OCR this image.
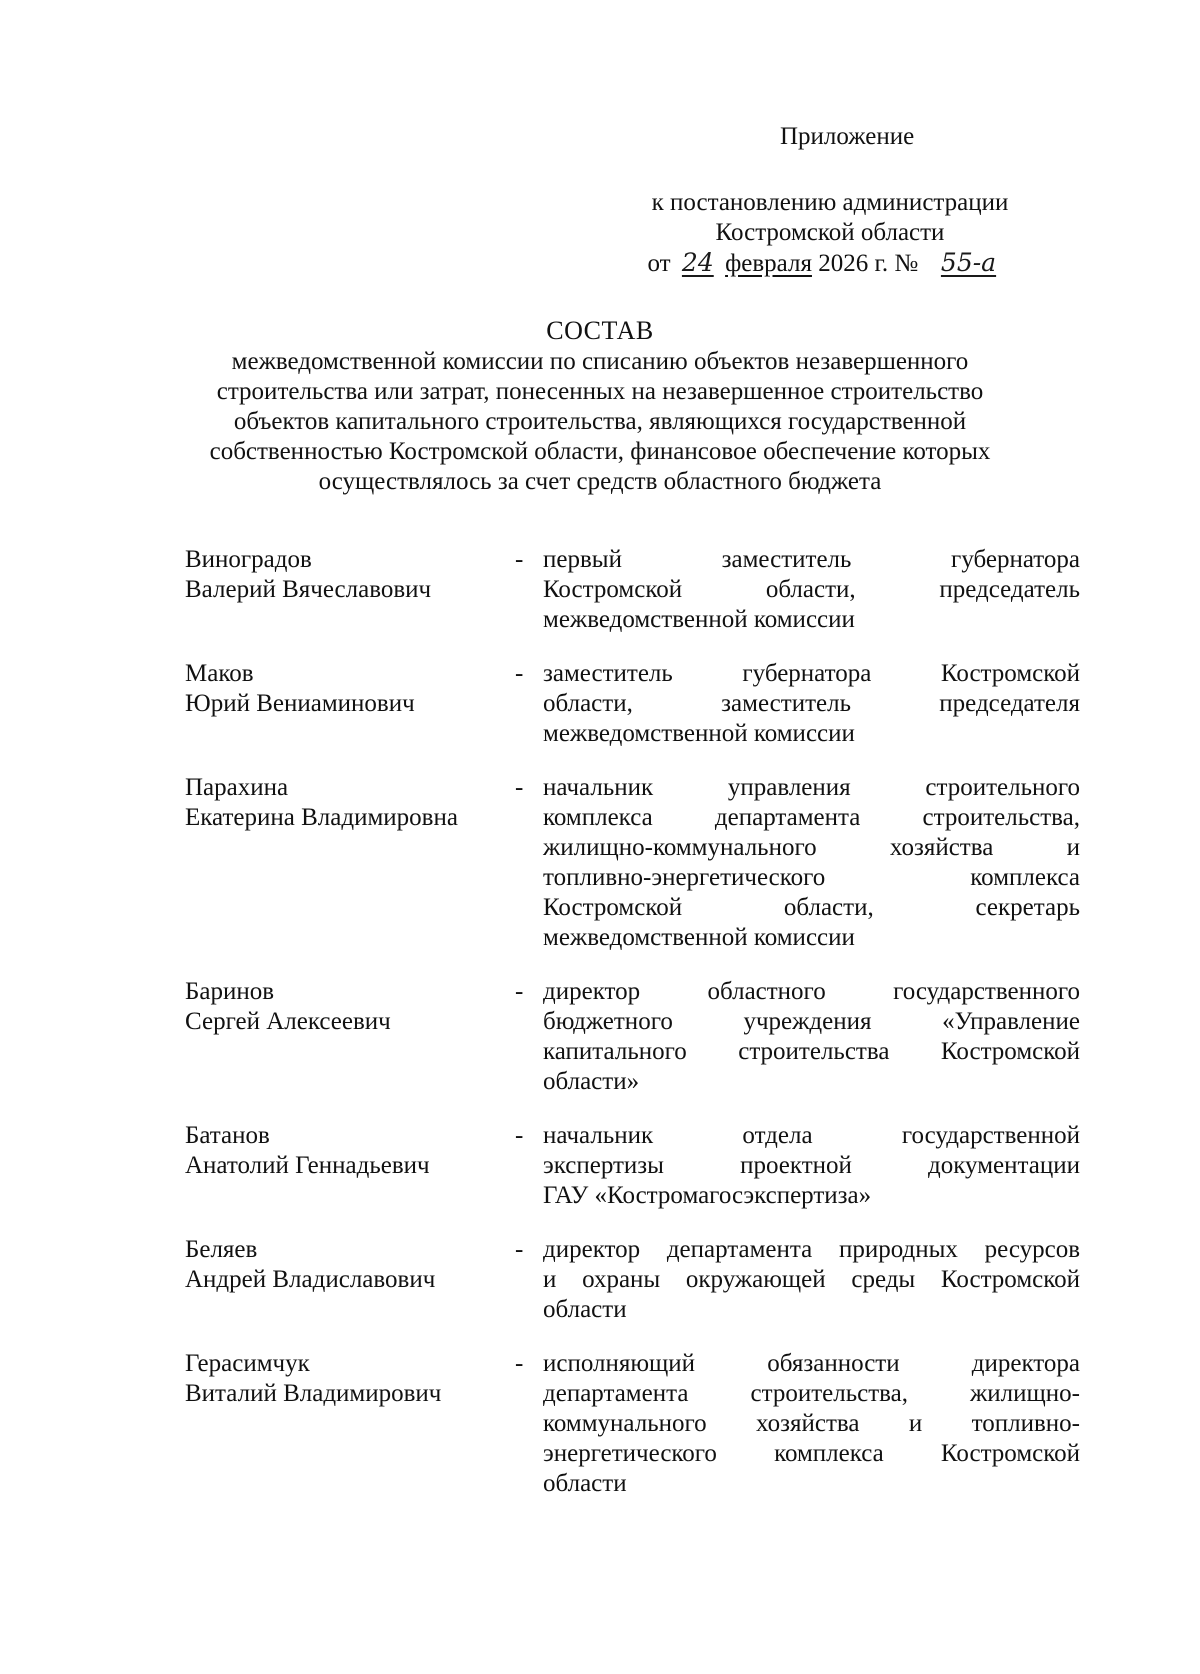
Приложение
к постановлению администрации
Костромской области
от 24 февраля 2026 г. № 55-а
СОСТАВ
межведомственной комиссии по списанию объектов незавершенного
строительства или затрат, понесенных на незавершенное строительство
объектов капитального строительства, являющихся государственной
собственностью Костромской области, финансовое обеспечение которых
осуществлялось за счет средств областного бюджета
Виноградов
Валерий Вячеславович
- первый заместитель губернатора
Костромской области, председатель
межведомственной комиссии
Маков
Юрий Вениаминович
- заместитель губернатора Костромской
области, заместитель председателя
межведомственной комиссии
Парахина
Екатерина Владимировна
- начальник управления строительного
комплекса департамента строительства,
жилищно-коммунального хозяйства и
топливно-энергетического комплекса
Костромской области, секретарь
межведомственной комиссии
Баринов
Сергей Алексеевич
- директор областного государственного
бюджетного учреждения «Управление
капитального строительства Костромской
области»
Батанов
Анатолий Геннадьевич
- начальник отдела государственной
экспертизы проектной документации
ГАУ «Костромагосэкспертиза»
Беляев
Андрей Владиславович
- директор департамента природных ресурсов
и охраны окружающей среды Костромской
области
Герасимчук
Виталий Владимирович
- исполняющий обязанности директора
департамента строительства, жилищно-
коммунального хозяйства и топливно-
энергетического комплекса Костромской
области
